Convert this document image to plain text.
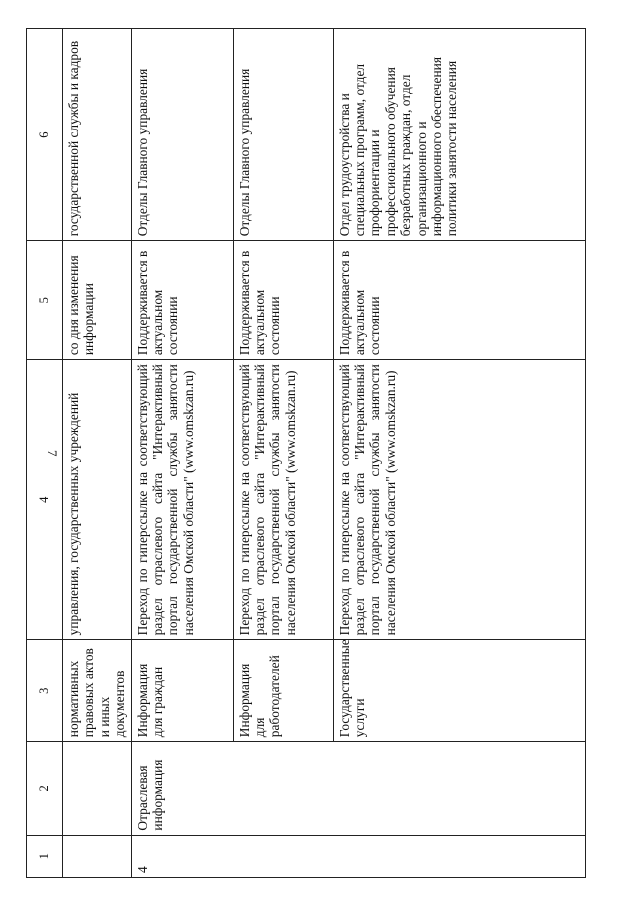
7
1	2	3	4	5	6
		нормативных правовых актов и иных документов	управления, государственных учреждений	со дня изменения информации	государственной службы и кадров
4	Отраслевая информация	Информация для граждан	Переход по гиперссылке на соответствующий раздел отраслевого сайта "Интерактивный портал государственной службы занятости населения Омской области" (www.omskzan.ru)	Поддерживается в актуальном состоянии	Отделы Главного управления
		Информация для работодателей	Переход по гиперссылке на соответствующий раздел отраслевого сайта "Интерактивный портал государственной службы занятости населения Омской области" (www.omskzan.ru)	Поддерживается в актуальном состоянии	Отделы Главного управления
		Государственные услуги	Переход по гиперссылке на соответствующий раздел отраслевого сайта "Интерактивный портал государственной службы занятости населения Омской области" (www.omskzan.ru)	Поддерживается в актуальном состоянии	Отдел трудоустройства и специальных программ, отдел профориентации и профессионального обучения безработных граждан, отдел организационного и информационного обеспечения политики занятости населения
